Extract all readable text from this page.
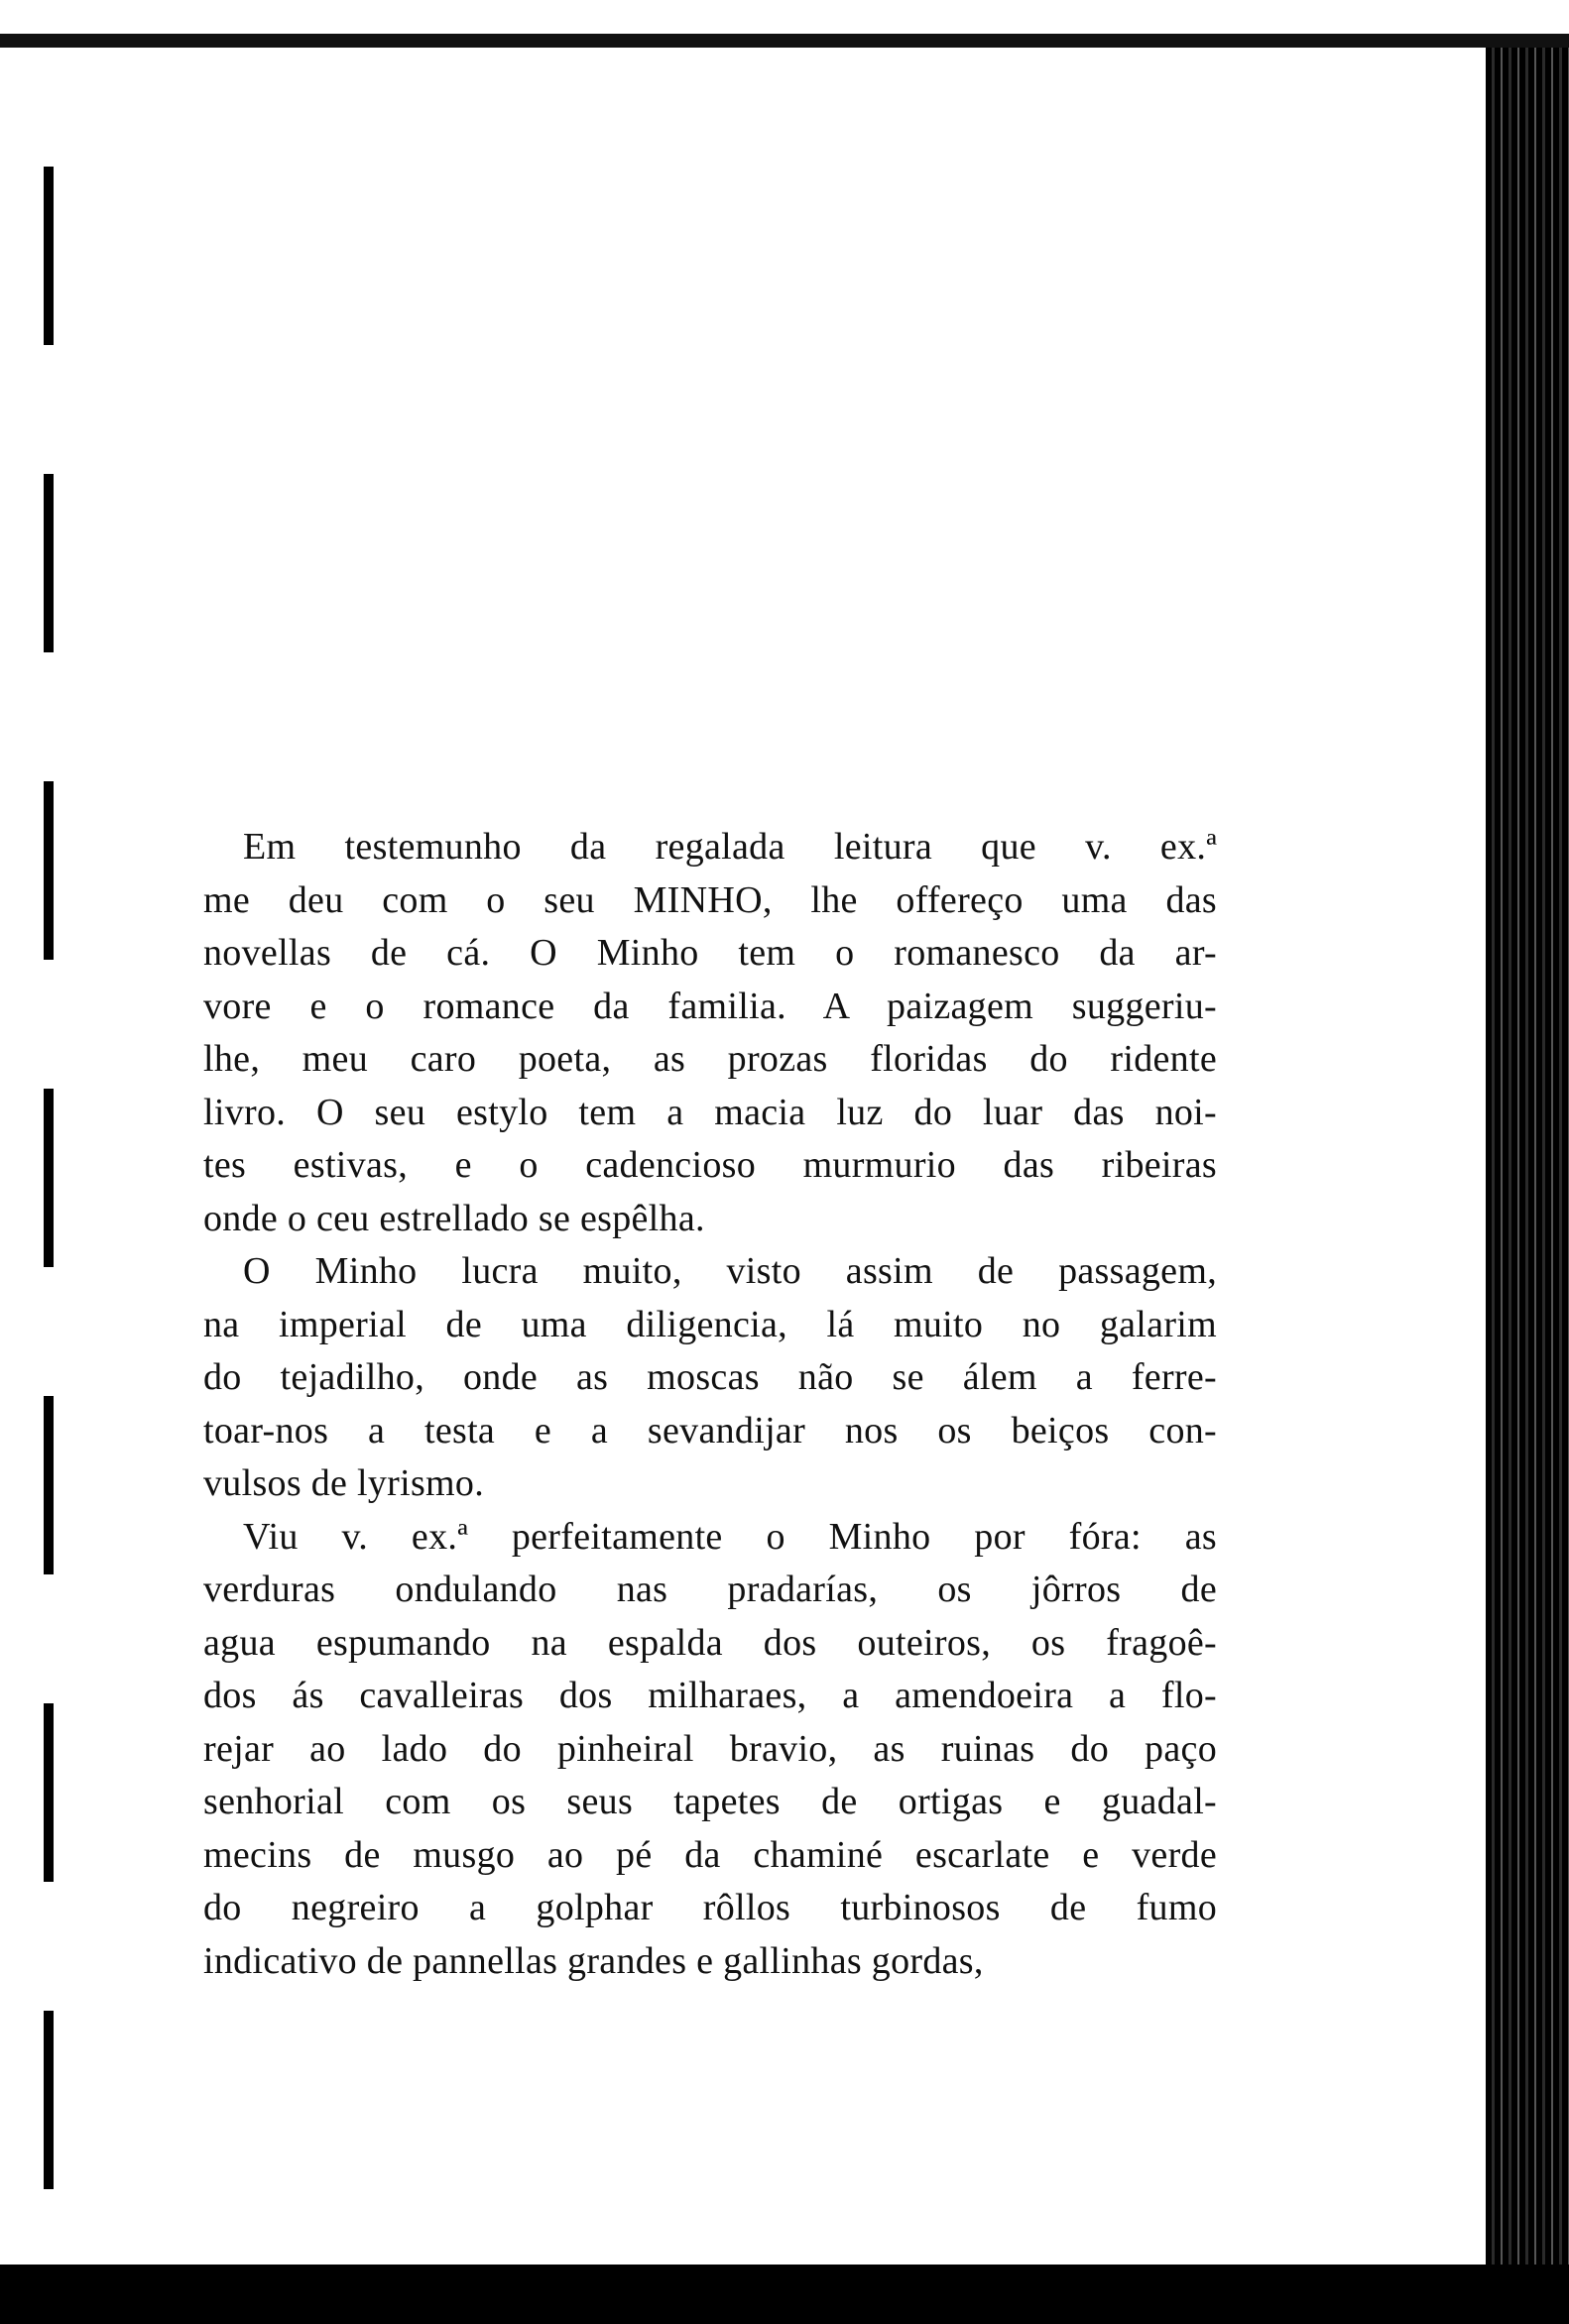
Em testemunho da regalada leitura que v. ex.ª
me deu com o seu MINHO, lhe offereço uma das
novellas de cá. O Minho tem o romanesco da ar-
vore e o romance da familia. A paizagem suggeriu-
lhe, meu caro poeta, as prozas floridas do ridente
livro. O seu estylo tem a macia luz do luar das noi-
tes estivas, e o cadencioso murmurio das ribeiras
onde o ceu estrellado se espêlha.
O Minho lucra muito, visto assim de passagem,
na imperial de uma diligencia, lá muito no galarim
do tejadilho, onde as moscas não se álem a ferre-
toar-nos a testa e a sevandijar nos os beiços con-
vulsos de lyrismo.
Viu v. ex.ª perfeitamente o Minho por fóra: as
verduras ondulando nas pradarías, os jôrros de
agua espumando na espalda dos outeiros, os fragoê-
dos ás cavalleiras dos milharaes, a amendoeira a flo-
rejar ao lado do pinheiral bravio, as ruinas do paço
senhorial com os seus tapetes de ortigas e guadal-
mecins de musgo ao pé da chaminé escarlate e verde
do negreiro a golphar rôllos turbinosos de fumo
indicativo de pannellas grandes e gallinhas gordas,
